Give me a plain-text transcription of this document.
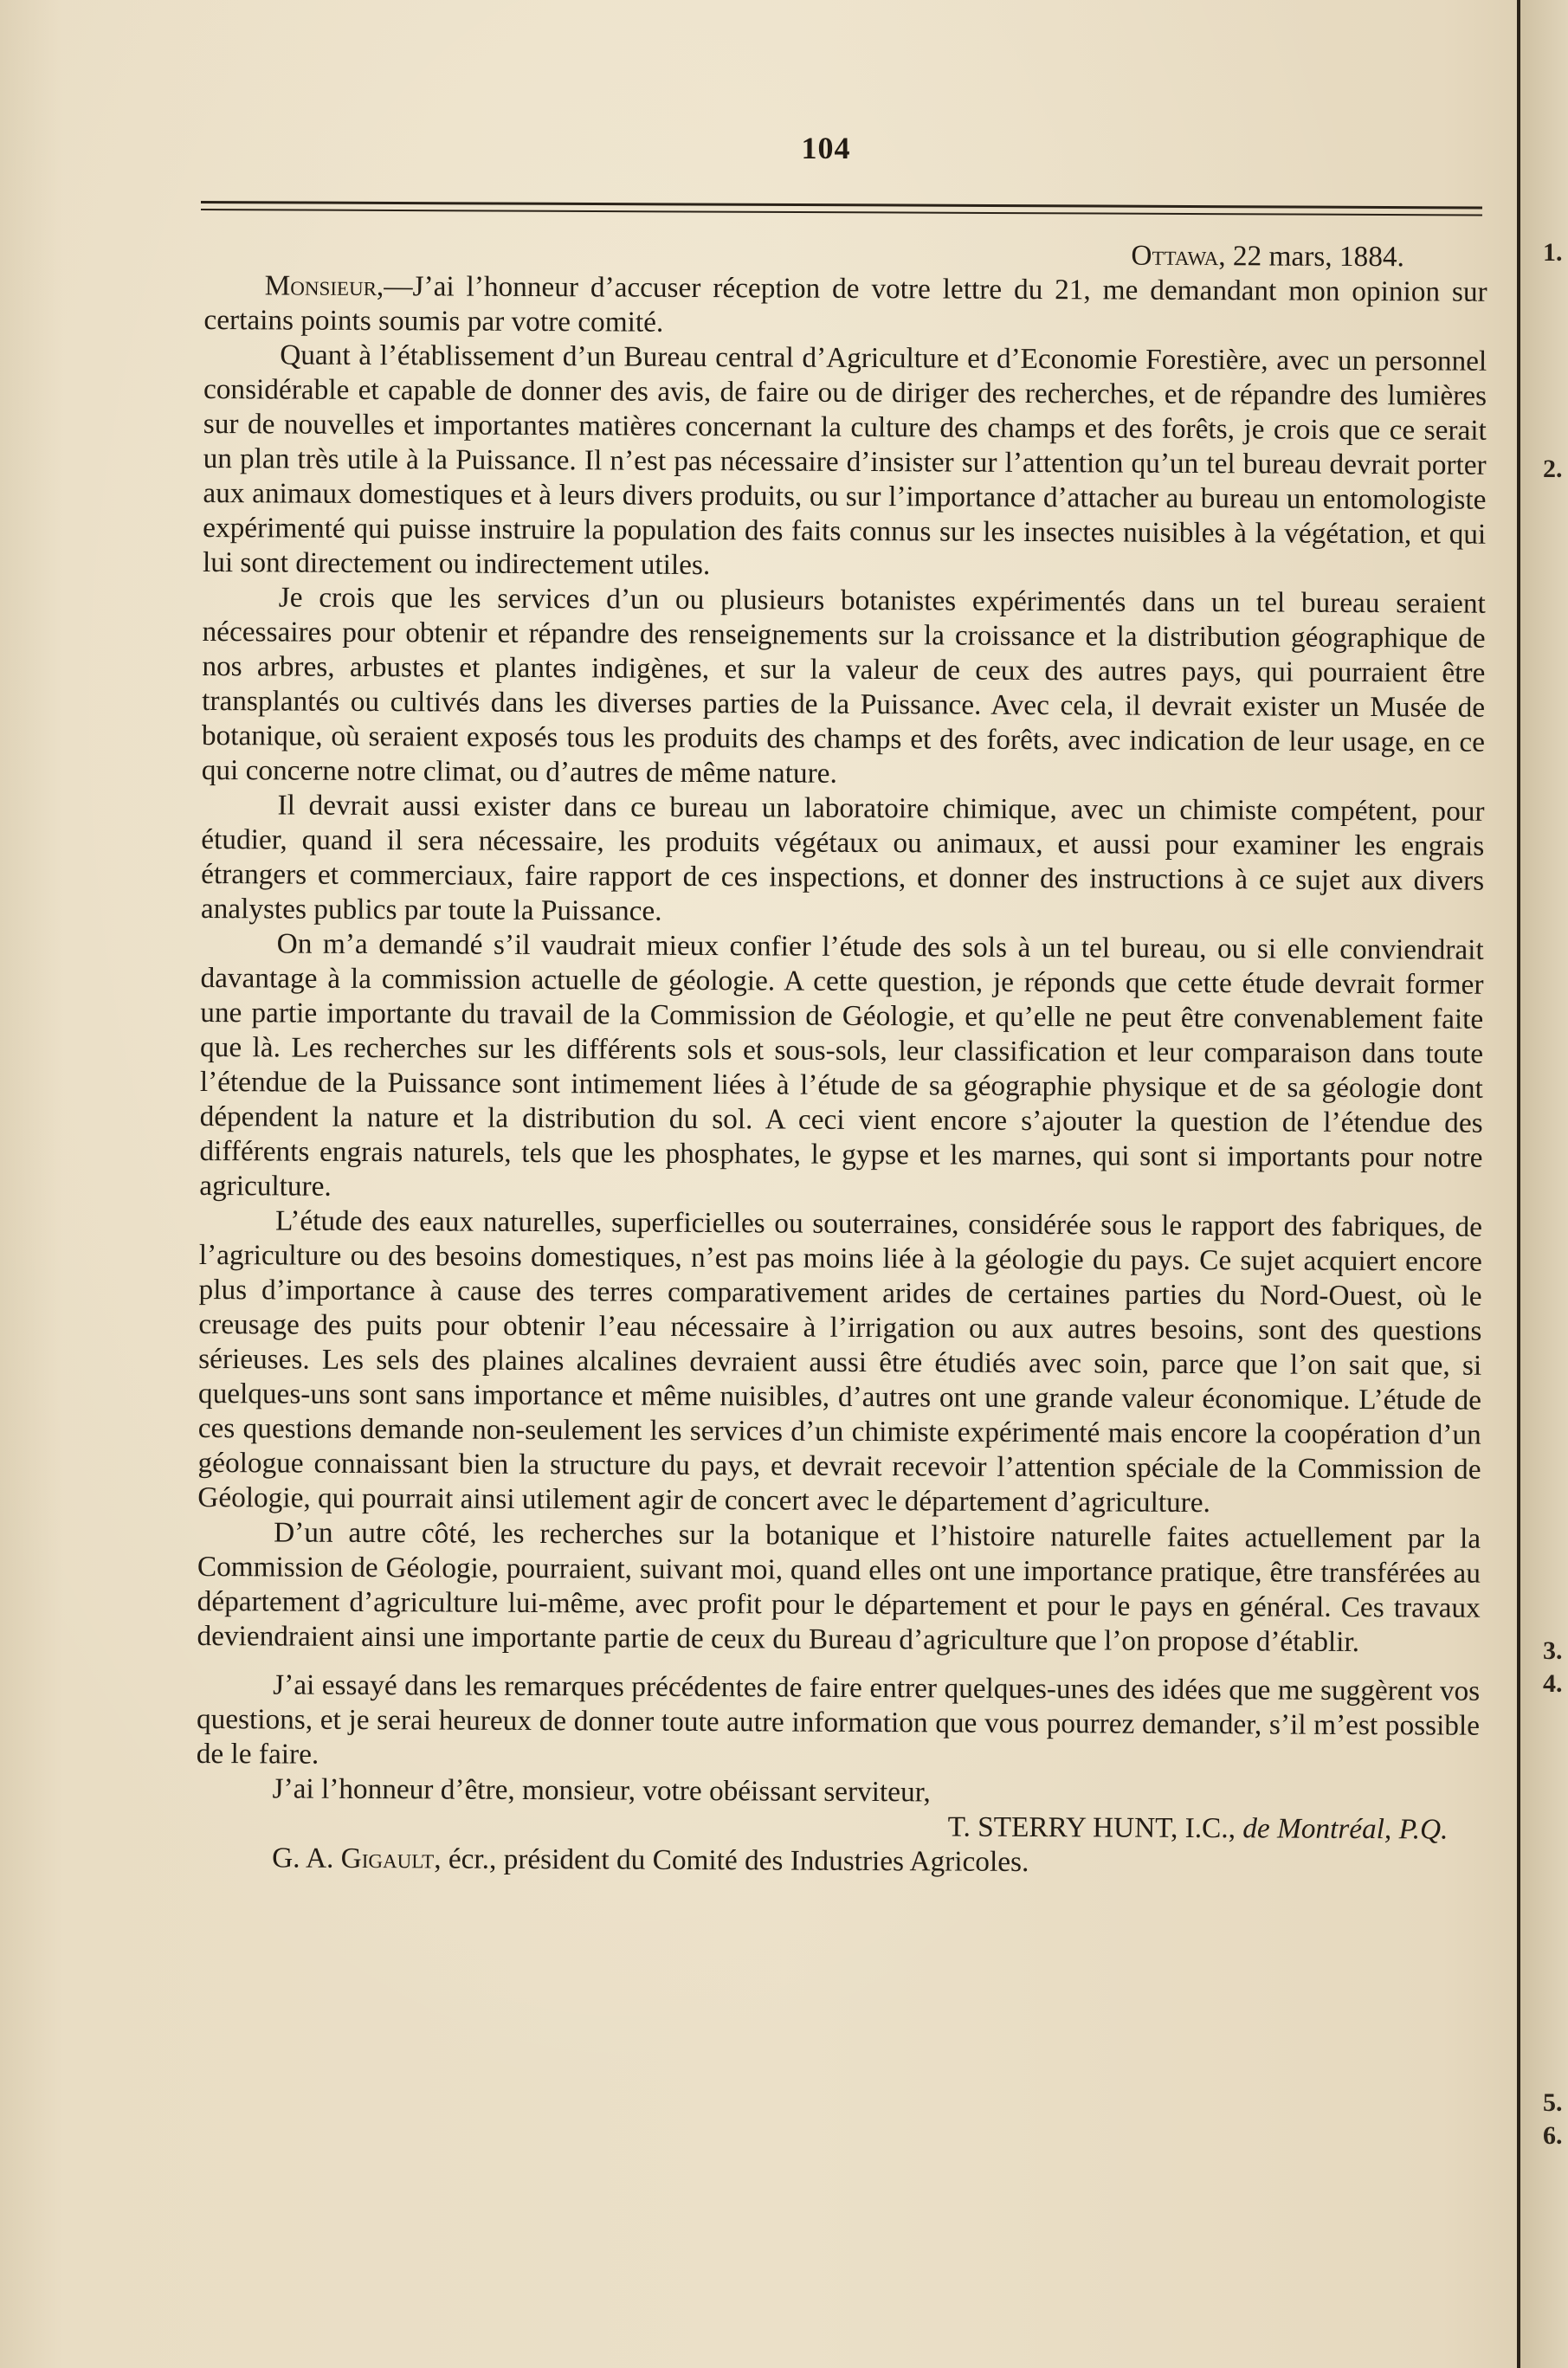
1.
2.
3.
4.
5.
6.
104
Ottawa, 22 mars, 1884.

Monsieur,—J’ai l’honneur d’accuser réception de votre lettre du 21, me demandant mon opinion sur certains points soumis par votre comité.

Quant à l’établissement d’un Bureau central d’Agriculture et d’Economie Forestière, avec un personnel considérable et capable de donner des avis, de faire ou de diriger des recherches, et de répandre des lumières sur de nouvelles et importantes matières concernant la culture des champs et des forêts, je crois que ce serait un plan très utile à la Puissance. Il n’est pas nécessaire d’insister sur l’attention qu’un tel bureau devrait porter aux animaux domestiques et à leurs divers produits, ou sur l’importance d’attacher au bureau un entomologiste expérimenté qui puisse instruire la population des faits connus sur les insectes nuisibles à la végétation, et qui lui sont directement ou indirectement utiles.

Je crois que les services d’un ou plusieurs botanistes expérimentés dans un tel bureau seraient nécessaires pour obtenir et répandre des renseignements sur la croissance et la distribution géographique de nos arbres, arbustes et plantes indigènes, et sur la valeur de ceux des autres pays, qui pourraient être transplantés ou cultivés dans les diverses parties de la Puissance. Avec cela, il devrait exister un Musée de botanique, où seraient exposés tous les produits des champs et des forêts, avec indication de leur usage, en ce qui concerne notre climat, ou d’autres de même nature.

Il devrait aussi exister dans ce bureau un laboratoire chimique, avec un chimiste compétent, pour étudier, quand il sera nécessaire, les produits végétaux ou animaux, et aussi pour examiner les engrais étrangers et commerciaux, faire rapport de ces inspections, et donner des instructions à ce sujet aux divers analystes publics par toute la Puissance.

On m’a demandé s’il vaudrait mieux confier l’étude des sols à un tel bureau, ou si elle conviendrait davantage à la commission actuelle de géologie. A cette question, je réponds que cette étude devrait former une partie importante du travail de la Commission de Géologie, et qu’elle ne peut être convenablement faite que là. Les recherches sur les différents sols et sous-sols, leur classification et leur comparaison dans toute l’étendue de la Puissance sont intimement liées à l’étude de sa géographie physique et de sa géologie dont dépendent la nature et la distribution du sol. A ceci vient encore s’ajouter la question de l’étendue des différents engrais naturels, tels que les phosphates, le gypse et les marnes, qui sont si importants pour notre agriculture.

L’étude des eaux naturelles, superficielles ou souterraines, considérée sous le rapport des fabriques, de l’agriculture ou des besoins domestiques, n’est pas moins liée à la géologie du pays. Ce sujet acquiert encore plus d’importance à cause des terres comparativement arides de certaines parties du Nord-Ouest, où le creusage des puits pour obtenir l’eau nécessaire à l’irrigation ou aux autres besoins, sont des questions sérieuses. Les sels des plaines alcalines devraient aussi être étudiés avec soin, parce que l’on sait que, si quelques-uns sont sans importance et même nuisibles, d’autres ont une grande valeur économique. L’étude de ces questions demande non-seulement les services d’un chimiste expérimenté mais encore la coopération d’un géologue connaissant bien la structure du pays, et devrait recevoir l’attention spéciale de la Commission de Géologie, qui pourrait ainsi utilement agir de concert avec le département d’agriculture.

D’un autre côté, les recherches sur la botanique et l’histoire naturelle faites actuellement par la Commission de Géologie, pourraient, suivant moi, quand elles ont une importance pratique, être transférées au département d’agriculture lui-même, avec profit pour le département et pour le pays en général. Ces travaux deviendraient ainsi une importante partie de ceux du Bureau d’agriculture que l’on propose d’établir.

J’ai essayé dans les remarques précédentes de faire entrer quelques-unes des idées que me suggèrent vos questions, et je serai heureux de donner toute autre information que vous pourrez demander, s’il m’est possible de le faire.

J’ai l’honneur d’être, monsieur, votre obéissant serviteur,

T. STERRY HUNT, I.C., de Montréal, P.Q.

G. A. Gigault, écr., président du Comité des Industries Agricoles.
